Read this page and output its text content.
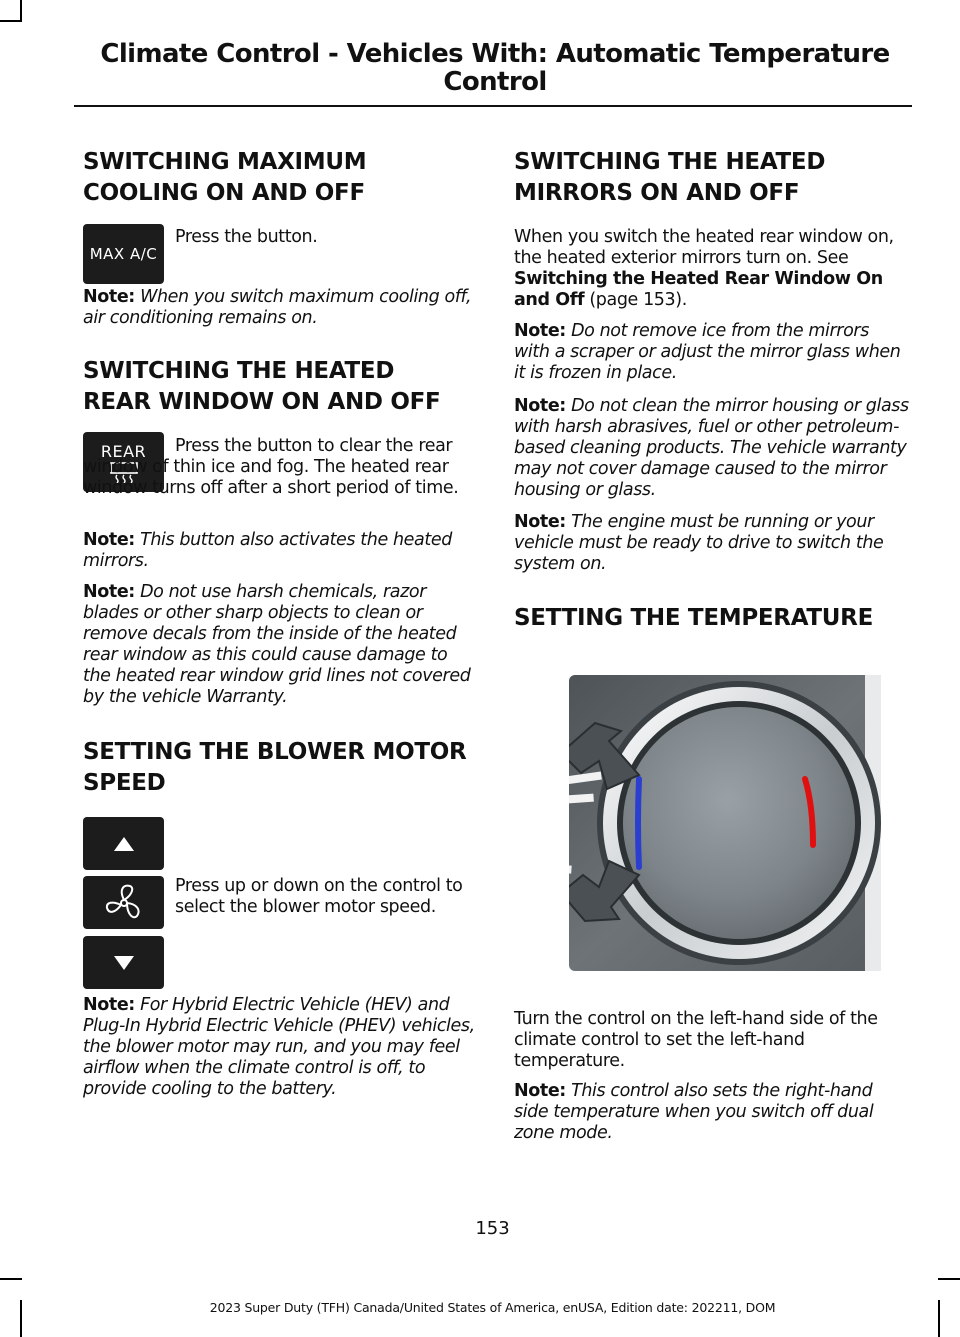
Climate Control - Vehicles With: Automatic Temperature
Control
SWITCHING MAXIMUM
COOLING ON AND OFF
MAX A/C
Press the button.
Note: When you switch maximum cooling off, air conditioning remains on.
SWITCHING THE HEATED
REAR WINDOW ON AND OFF
REAR	Press the button to clear the rear window of thin ice and fog. The heated rear window turns off after a short period of time.
Note: This button also activates the heated mirrors.
Note: Do not use harsh chemicals, razor blades or other sharp objects to clean or remove decals from the inside of the heated rear window as this could cause damage to the heated rear window grid lines not covered by the vehicle Warranty.
SETTING THE BLOWER MOTOR
SPEED
Press up or down on the control to select the blower motor speed.
Note: For Hybrid Electric Vehicle (HEV) and Plug-In Hybrid Electric Vehicle (PHEV) vehicles, the blower motor may run, and you may feel airflow when the climate control is off, to provide cooling to the battery.
SWITCHING THE HEATED
MIRRORS ON AND OFF
When you switch the heated rear window on, the heated exterior mirrors turn on. See Switching the Heated Rear Window On and Off (page 153).
Note: Do not remove ice from the mirrors with a scraper or adjust the mirror glass when it is frozen in place.
Note: Do not clean the mirror housing or glass with harsh abrasives, fuel or other petroleum-based cleaning products. The vehicle warranty may not cover damage caused to the mirror housing or glass.
Note: The engine must be running or your vehicle must be ready to drive to switch the system on.
SETTING THE TEMPERATURE
Turn the control on the left-hand side of the climate control to set the left-hand temperature.
Note: This control also sets the right-hand side temperature when you switch off dual zone mode.
153
2023 Super Duty (TFH) Canada/United States of America, enUSA, Edition date: 202211, DOM
